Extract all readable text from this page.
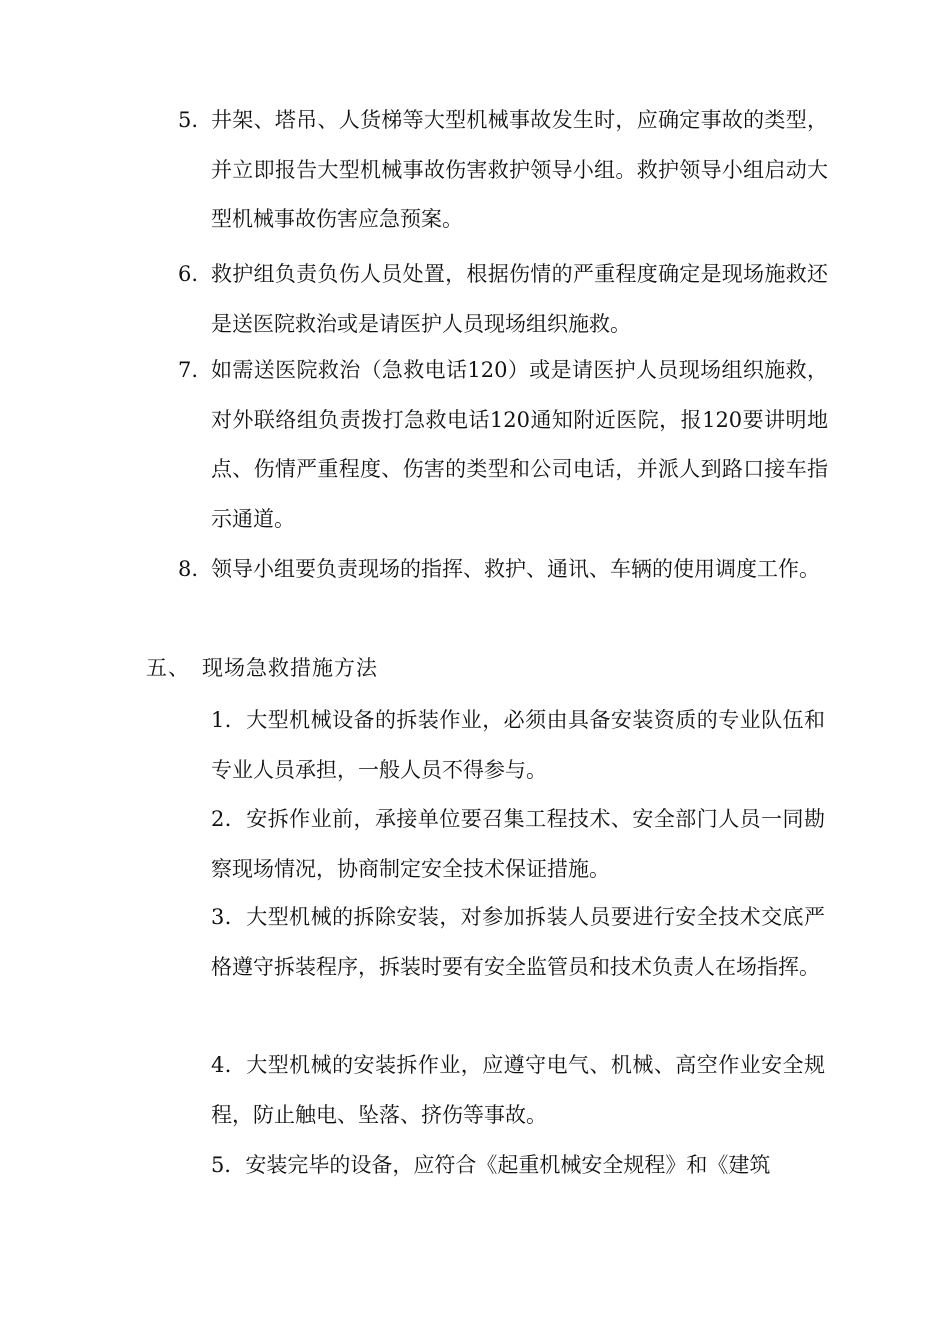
5. 井架、塔吊、人货梯等大型机械事故发生时，应确定事故的类型，并立即报告大型机械事故伤害救护领导小组。救护领导小组启动大型机械事故伤害应急预案。
6. 救护组负责负伤人员处置，根据伤情的严重程度确定是现场施救还是送医院救治或是请医护人员现场组织施救。
7. 如需送医院救治（急救电话120）或是请医护人员现场组织施救，对外联络组负责拨打急救电话120通知附近医院，报120要讲明地点、伤情严重程度、伤害的类型和公司电话，并派人到路口接车指示通道。
8. 领导小组要负责现场的指挥、救护、通讯、车辆的使用调度工作。
五、 现场急救措施方法
1．大型机械设备的拆装作业，必须由具备安装资质的专业队伍和专业人员承担，一般人员不得参与。
2．安拆作业前，承接单位要召集工程技术、安全部门人员一同勘察现场情况，协商制定安全技术保证措施。
3．大型机械的拆除安装，对参加拆装人员要进行安全技术交底严格遵守拆装程序，拆装时要有安全监管员和技术负责人在场指挥。
4．大型机械的安装拆作业，应遵守电气、机械、高空作业安全规程，防止触电、坠落、挤伤等事故。
5．安装完毕的设备，应符合《起重机械安全规程》和《建筑
